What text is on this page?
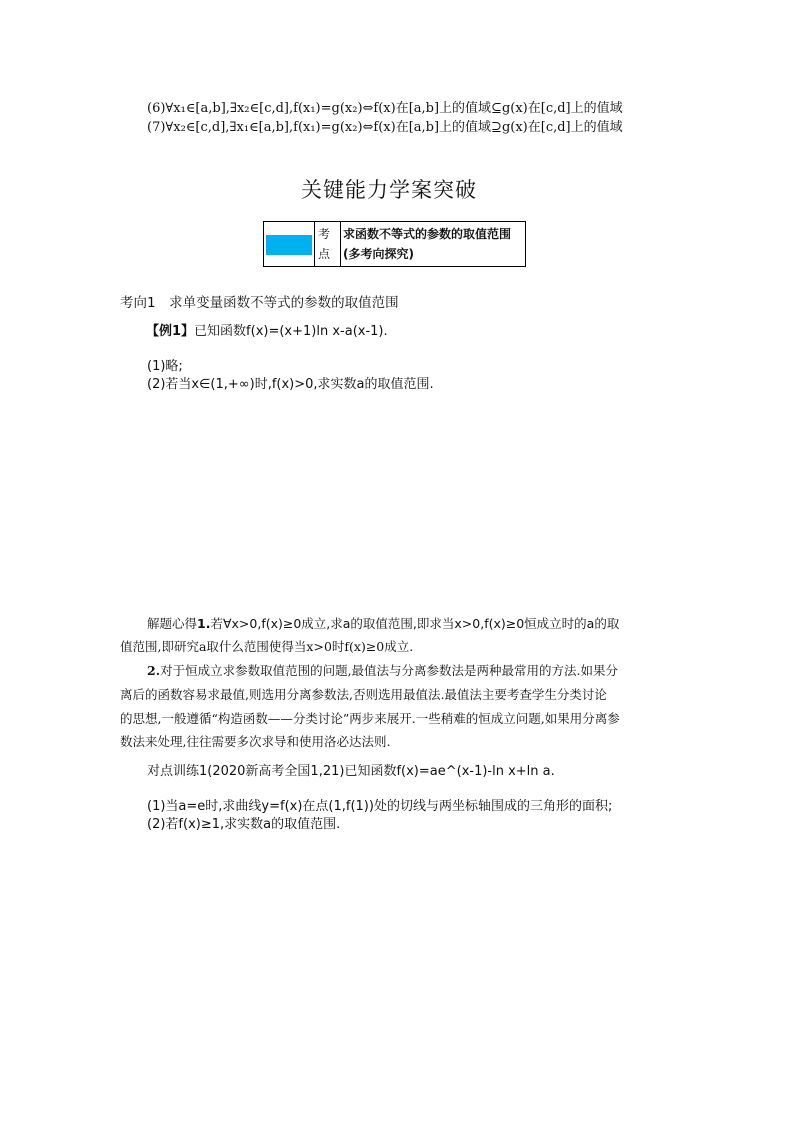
(6)∀x₁∈[a,b],∃x₂∈[c,d],f(x₁)=g(x₂)⇔f(x)在[a,b]上的值域⊆g(x)在[c,d]上的值域
(7)∀x₂∈[c,d],∃x₁∈[a,b],f(x₁)=g(x₂)⇔f(x)在[a,b]上的值域⊇g(x)在[c,d]上的值域
关键能力学案突破
	考点	求函数不等式的参数的取值范围(多考向探究)
考向1　求单变量函数不等式的参数的取值范围
【例1】已知函数f(x)=(x+1)ln x-a(x-1).
(1)略;
(2)若当x∈(1,+∞)时,f(x)>0,求实数a的取值范围.
解题心得1.若∀x>0,f(x)≥0成立,求a的取值范围,即求当x>0,f(x)≥0恒成立时的a的取
值范围,即研究a取什么范围使得当x>0时f(x)≥0成立.
2.对于恒成立求参数取值范围的问题,最值法与分离参数法是两种最常用的方法.如果分
离后的函数容易求最值,则选用分离参数法,否则选用最值法.最值法主要考查学生分类讨论
的思想,一般遵循“构造函数——分类讨论”两步来展开.一些稍难的恒成立问题,如果用分离参
数法来处理,往往需要多次求导和使用洛必达法则.
对点训练1(2020新高考全国1,21)已知函数f(x)=ae^(x-1)-ln x+ln a.
(1)当a=e时,求曲线y=f(x)在点(1,f(1))处的切线与两坐标轴围成的三角形的面积;
(2)若f(x)≥1,求实数a的取值范围.
